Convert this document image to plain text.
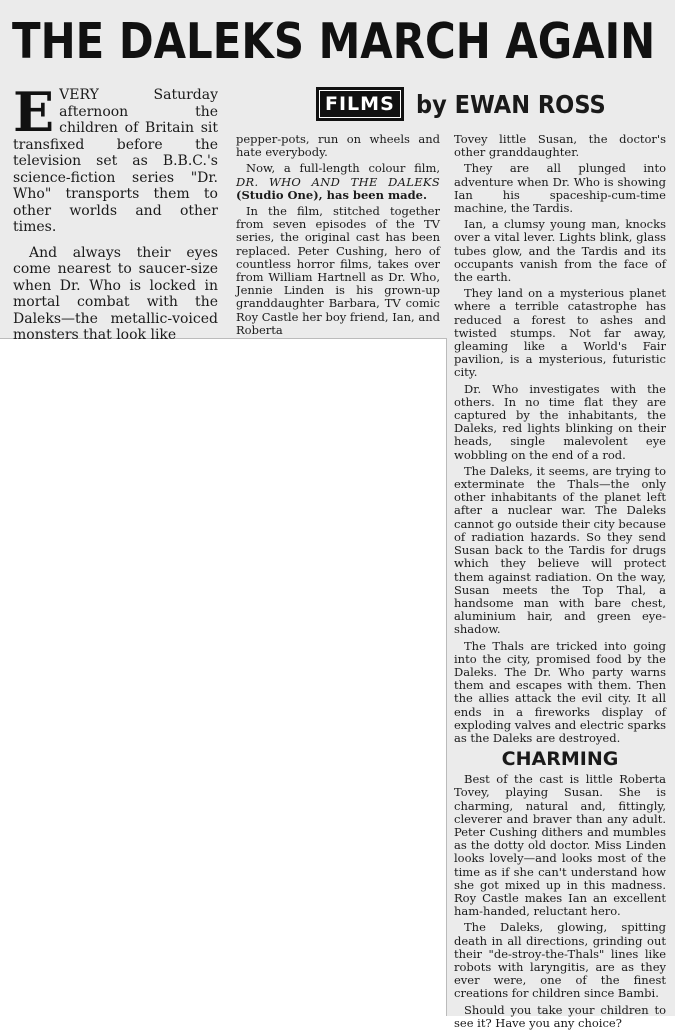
THE DALEKS MARCH AGAIN
FILMS by EWAN ROSS

EVERY Saturday afternoon the children of Britain sit transfixed before the television set as B.B.C.'s science-fiction series "Dr. Who" transports them to other worlds and other times.

And always their eyes come nearest to saucer-size when Dr. Who is locked in mortal combat with the Daleks—the metallic-voiced monsters that look like

pepper-pots, run on wheels and hate everybody.

Now, a full-length colour film, DR. WHO AND THE DALEKS (Studio One), has been made.

In the film, stitched together from seven episodes of the TV series, the original cast has been replaced. Peter Cushing, hero of countless horror films, takes over from William Hartnell as Dr. Who, Jennie Linden is his grown-up granddaughter Barbara, TV comic Roy Castle her boy friend, Ian, and Roberta

Tovey little Susan, the doctor's other granddaughter.

They are all plunged into adventure when Dr. Who is showing Ian his spaceship-cum-time machine, the Tardis.

Ian, a clumsy young man, knocks over a vital lever. Lights blink, glass tubes glow, and the Tardis and its occupants vanish from the face of the earth.

They land on a mysterious planet where a terrible catastrophe has reduced a forest to ashes and twisted stumps. Not far away, gleaming like a World's Fair pavilion, is a mysterious, futuristic city.

Dr. Who investigates with the others. In no time flat they are captured by the inhabitants, the Daleks, red lights blinking on their heads, single malevolent eye wobbling on the end of a rod.

The Daleks, it seems, are trying to exterminate the Thals—the only other inhabitants of the planet left after a nuclear war. The Daleks cannot go outside their city because of radiation hazards. So they send Susan back to the Tardis for drugs which they believe will protect them against radiation. On the way, Susan meets the Top Thal, a handsome man with bare chest, aluminium hair, and green eye-shadow.

The Thals are tricked into going into the city, promised food by the Daleks. The Dr. Who party warns them and escapes with them. Then the allies attack the evil city. It all ends in a fireworks display of exploding valves and electric sparks as the Daleks are destroyed.

CHARMING

Best of the cast is little Roberta Tovey, playing Susan. She is charming, natural and, fittingly, cleverer and braver than any adult. Peter Cushing dithers and mumbles as the dotty old doctor. Miss Linden looks lovely—and looks most of the time as if she can't understand how she got mixed up in this madness. Roy Castle makes Ian an excellent ham-handed, reluctant hero.

The Daleks, glowing, spitting death in all directions, grinding out their "de-stroy-the-Thals" lines like robots with laryngitis, are as they ever were, one of the finest creations for children since Bambi.

Should you take your children to see it? Have you any choice?
